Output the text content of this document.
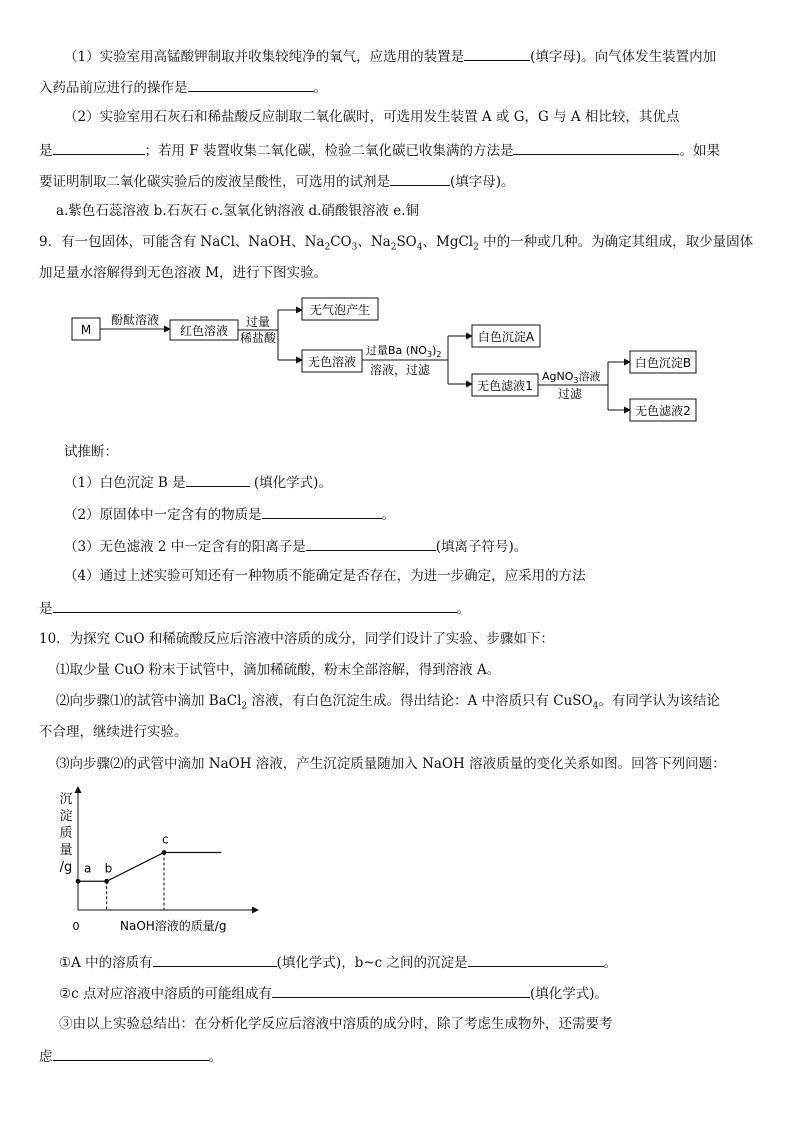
（1）实验室用高锰酸钾制取并收集较纯净的氧气，应选用的装置是	(填字母)。向气体发生装置内加
入药品前应进行的操作是	。
（2）实验室用石灰石和稀盐酸反应制取二氧化碳时，可选用发生装置 A 或 G，G 与 A 相比较，其优点
是	；若用 F 装置收集二氧化碳，检验二氧化碳已收集满的方法是	。如果
要证明制取二氧化碳实验后的废液呈酸性，可选用的试剂是	(填字母)。
a.紫色石蕊溶液 b.石灰石 c.氢氧化钠溶液 d.硝酸银溶液 e.铜
9．有一包固体，可能含有 NaCl、NaOH、$Na_2CO_3$、$Na_2SO_4$、MgCl$_2$ 中的一种或几种。为确定其组成，取少量固体
加足量水溶解得到无色溶液 M，进行下图实验。
M
酚酞溶液
红色溶液
过量
稀盐酸
无气泡产生
无色溶液
过量Ba $(NO_3)_2$
溶液，过滤
白色沉淀A
无色滤液1
AgNO$_3$溶液
过滤
白色沉淀B
无色滤液2
试推断：
（1）白色沉淀 B 是	(填化学式)。
（2）原固体中一定含有的物质是	。
（3）无色滤液 2 中一定含有的阳离子是	(填离子符号)。
（4）通过上述实验可知还有一种物质不能确定是否存在，为进一步确定，应采用的方法
是	。
10．为探究 CuO 和稀硫酸反应后溶液中溶质的成分，同学们设计了实验、步骤如下：
⑴取少量 CuO 粉末于试管中，滴加稀硫酸，粉末全部溶解，得到溶液 A。
⑵向步骤⑴的試管中滴加 BaCl$_2$ 溶液，有白色沉淀生成。得出结论：A 中溶质只有 CuSO$_4$。有同学认为该结论
不合理，继续进行实验。
⑶向步骤⑵的武管中滴加 NaOH 溶液，产生沉淀质量随加入 NaOH 溶液质量的变化关系如图。回答下列问题：
沉
淀
质
量
/g
NaOH溶液的质量/g
0
a b
c
①A 中的溶质有	(填化学式)，b~c 之间的沉淀是	。
②c 点对应溶液中溶质的可能组成有	(填化学式)。
③由以上实验总结出：在分析化学反应后溶液中溶质的成分时，除了考虑生成物外，还需要考
虑	。
